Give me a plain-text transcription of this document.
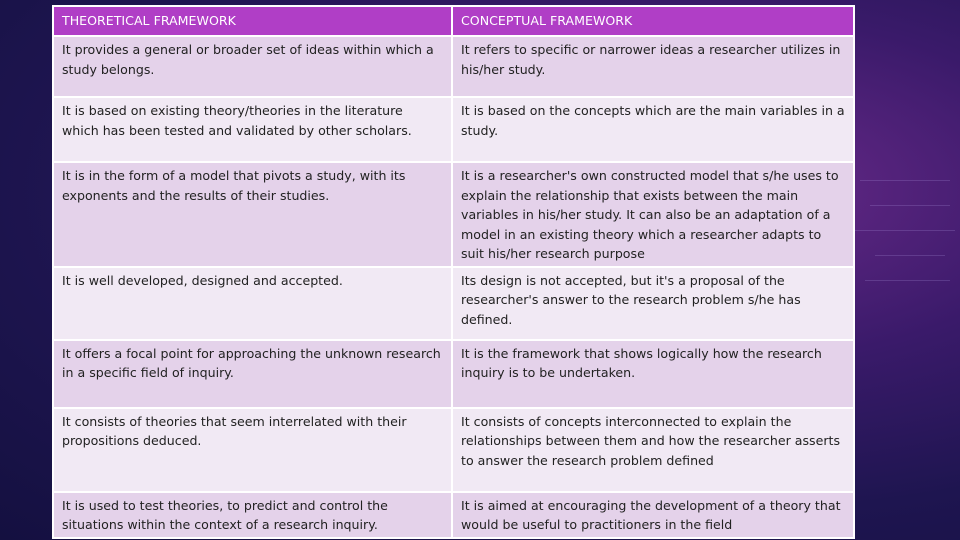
THEORETICAL FRAMEWORK	CONCEPTUAL FRAMEWORK
It provides a general or broader set of ideas within which a study belongs.	It refers to specific or narrower ideas a researcher utilizes in his/her study.
It is based on existing theory/theories in the literature which has been tested and validated by other scholars.	It is based on the concepts which are the main variables in a study.
It is in the form of a model that pivots a study, with its exponents and the results of their studies.	It is a researcher's own constructed model that s/he uses to explain the relationship that exists between the main variables in his/her study. It can also be an adaptation of a model in an existing theory which a researcher adapts to suit his/her research purpose
It is well developed, designed and accepted.	Its design is not accepted, but it's a proposal of the researcher's answer to the research problem s/he has defined.
It offers a focal point for approaching the unknown research in a specific field of inquiry.	It is the framework that shows logically how the research inquiry is to be undertaken.
It consists of theories that seem interrelated with their propositions deduced.	It consists of concepts interconnected to explain the relationships between them and how the researcher asserts to answer the research problem defined
It is used to test theories, to predict and control the situations within the context of a research inquiry.	It is aimed at encouraging the development of a theory that would be useful to practitioners in the field
